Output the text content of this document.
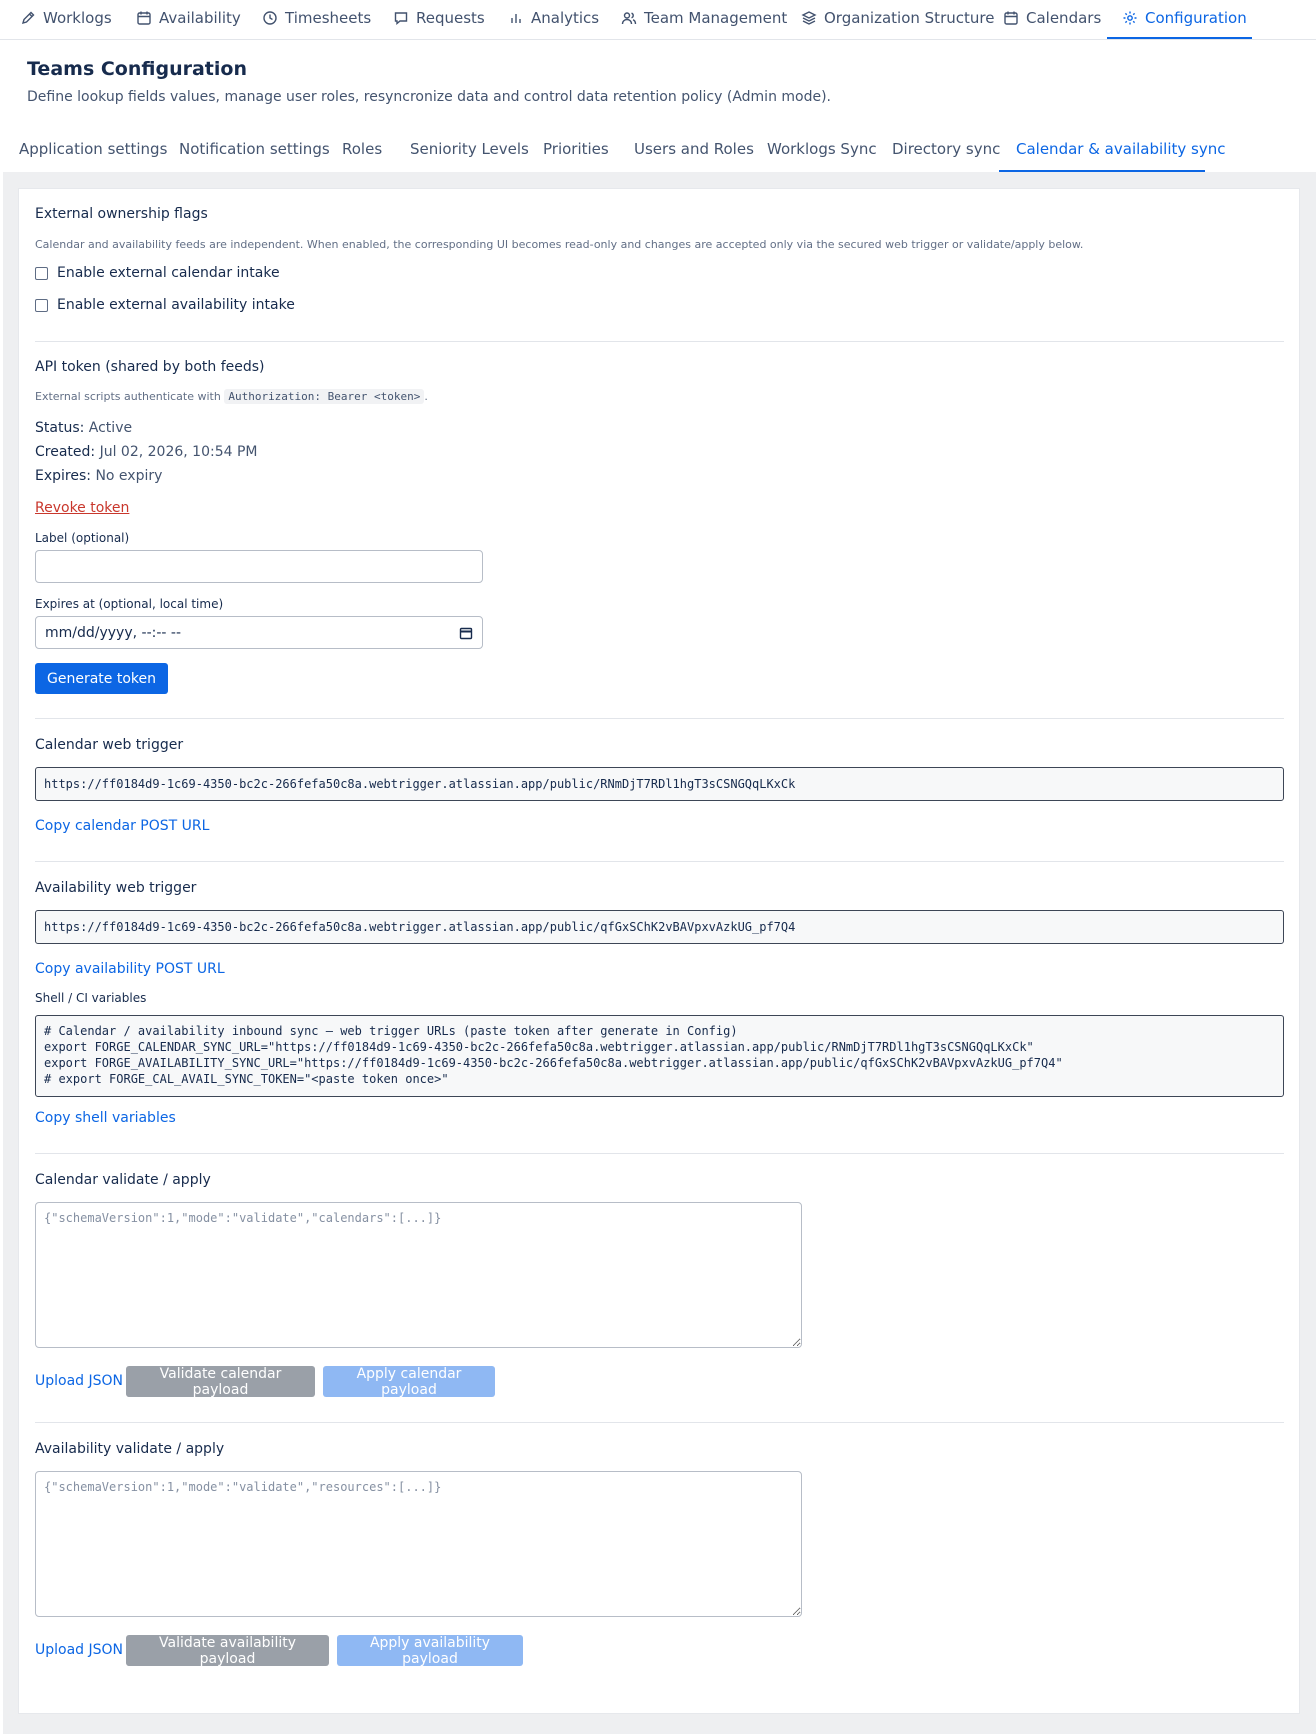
Worklogs	Availability	Timesheets	Requests	Analytics	Team Management Organization Structure Calendars	Configuration
Teams Configuration
Define lookup fields values, manage user roles, resyncronize data and control data retention policy (Admin mode).
Application settings Notification settings Roles Seniority Levels Priorities Users and Roles Worklogs Sync Directory sync Calendar & availability sync
External ownership flags
Calendar and availability feeds are independent. When enabled, the corresponding UI becomes read-only and changes are accepted only via the secured web trigger or validate/apply below.
Enable external calendar intake
Enable external availability intake
API token (shared by both feeds)
External scripts authenticate with Authorization: Bearer <token> .
Status: Active
Created: Jul 02, 2026, 10:54 PM
Expires: No expiry
Revoke token
Label (optional)
Expires at (optional, local time)
mm/dd/yyyy, --:-- --
Generate token
Calendar web trigger
https://ff0184d9-1c69-4350-bc2c-266fefa50c8a.webtrigger.atlassian.app/public/RNmDjT7RDl1hgT3sCSNGQqLKxCk
Copy calendar POST URL
Availability web trigger
https://ff0184d9-1c69-4350-bc2c-266fefa50c8a.webtrigger.atlassian.app/public/qfGxSChK2vBAVpxvAzkUG_pf7Q4
Copy availability POST URL
Shell / CI variables
# Calendar / availability inbound sync — web trigger URLs (paste token after generate in Config)
export FORGE_CALENDAR_SYNC_URL="https://ff0184d9-1c69-4350-bc2c-266fefa50c8a.webtrigger.atlassian.app/public/RNmDjT7RDl1hgT3sCSNGQqLKxCk"
export FORGE_AVAILABILITY_SYNC_URL="https://ff0184d9-1c69-4350-bc2c-266fefa50c8a.webtrigger.atlassian.app/public/qfGxSChK2vBAVpxvAzkUG_pf7Q4"
# export FORGE_CAL_AVAIL_SYNC_TOKEN="<paste token once>"
Copy shell variables
Calendar validate / apply
{"schemaVersion":1,"mode":"validate","calendars":[...]}
Upload JSON	Validate calendar payload
Apply calendar payload
Availability validate / apply
{"schemaVersion":1,"mode":"validate","resources":[...]}
Upload JSON	Validate availability payload
Apply availability payload
